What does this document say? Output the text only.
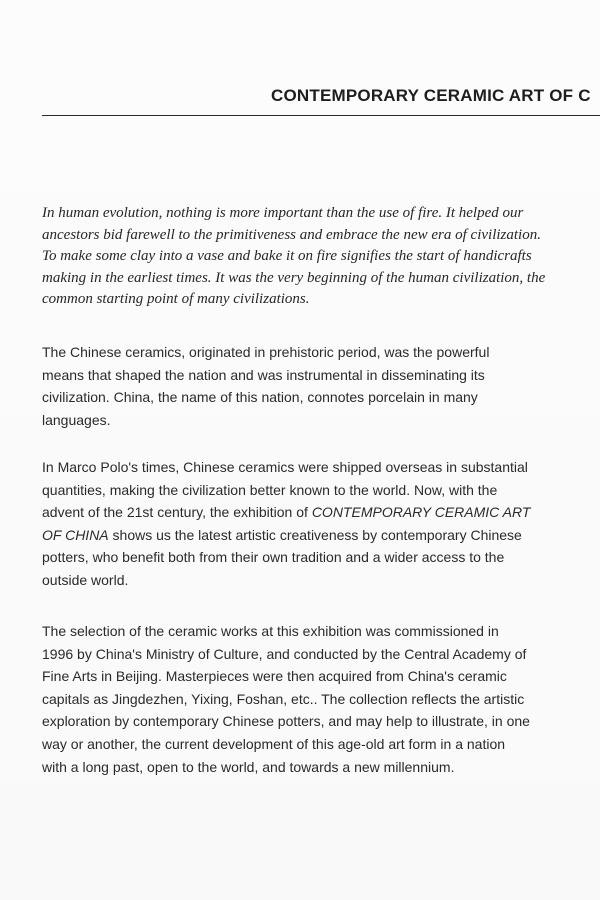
CONTEMPORARY CERAMIC ART OF C

In human evolution, nothing is more important than the use of fire. It helped our
ancestors bid farewell to the primitiveness and embrace the new era of civilization.
To make some clay into a vase and bake it on fire signifies the start of handicrafts
making in the earliest times. It was the very beginning of the human civilization, the
common starting point of many civilizations.

The Chinese ceramics, originated in prehistoric period, was the powerful
means that shaped the nation and was instrumental in disseminating its
civilization. China, the name of this nation, connotes porcelain in many
languages.

In Marco Polo's times, Chinese ceramics were shipped overseas in substantial
quantities, making the civilization better known to the world. Now, with the
advent of the 21st century, the exhibition of CONTEMPORARY CERAMIC ART
OF CHINA shows us the latest artistic creativeness by contemporary Chinese
potters, who benefit both from their own tradition and a wider access to the
outside world.

The selection of the ceramic works at this exhibition was commissioned in
1996 by China's Ministry of Culture, and conducted by the Central Academy of
Fine Arts in Beijing. Masterpieces were then acquired from China's ceramic
capitals as Jingdezhen, Yixing, Foshan, etc.. The collection reflects the artistic
exploration by contemporary Chinese potters, and may help to illustrate, in one
way or another, the current development of this age-old art form in a nation
with a long past, open to the world, and towards a new millennium.
